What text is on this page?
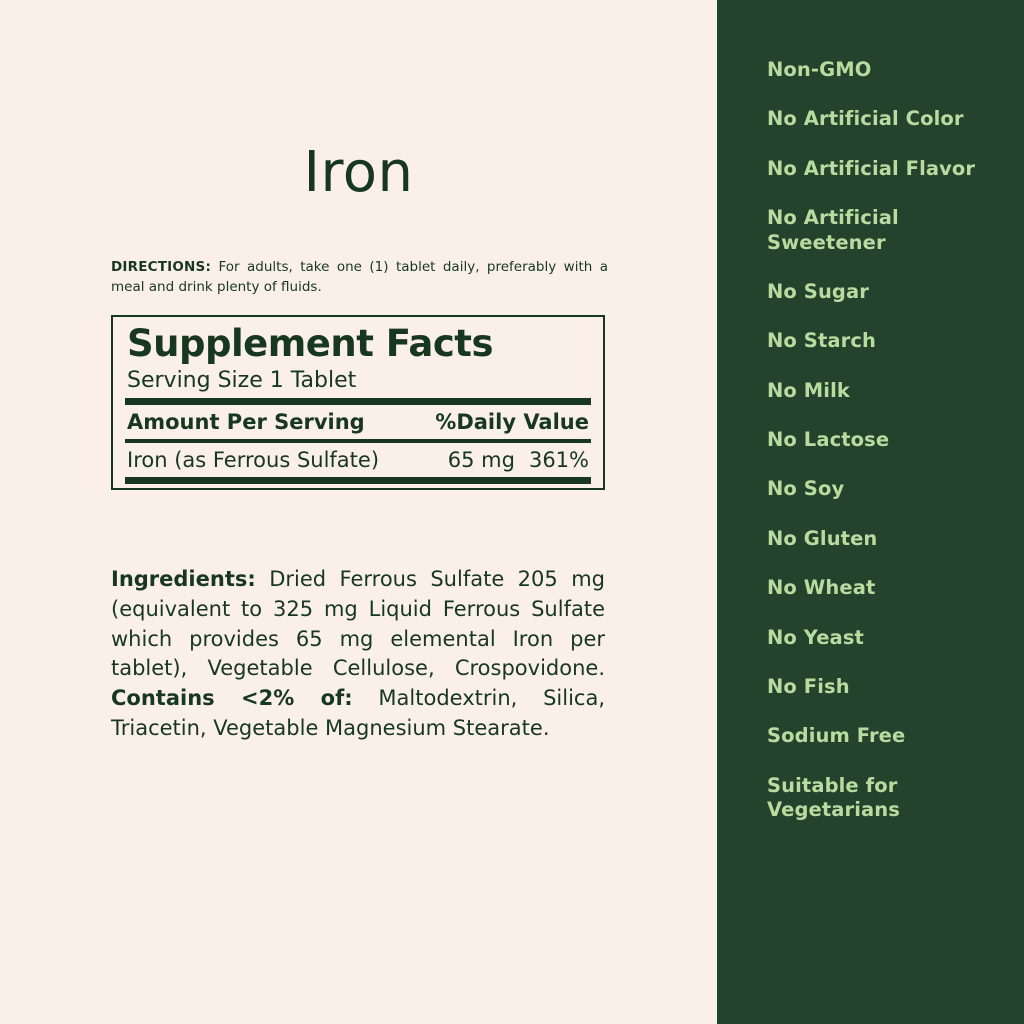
Iron
DIRECTIONS: For adults, take one (1) tablet daily, preferably with a meal and drink plenty of fluids.
Supplement Facts
Serving Size 1 Tablet
Amount Per Serving	%Daily Value
Iron (as Ferrous Sulfate)	65 mg 361%
Ingredients: Dried Ferrous Sulfate 205 mg (equivalent to 325 mg Liquid Ferrous Sulfate which provides 65 mg elemental Iron per tablet), Vegetable Cellulose, Crospovidone. Contains <2% of: Maltodextrin, Silica, Triacetin, Vegetable Magnesium Stearate.
Non-GMO
No Artificial Color
No Artificial Flavor
No Artificial Sweetener
No Sugar
No Starch
No Milk
No Lactose
No Soy
No Gluten
No Wheat
No Yeast
No Fish
Sodium Free
Suitable for Vegetarians
